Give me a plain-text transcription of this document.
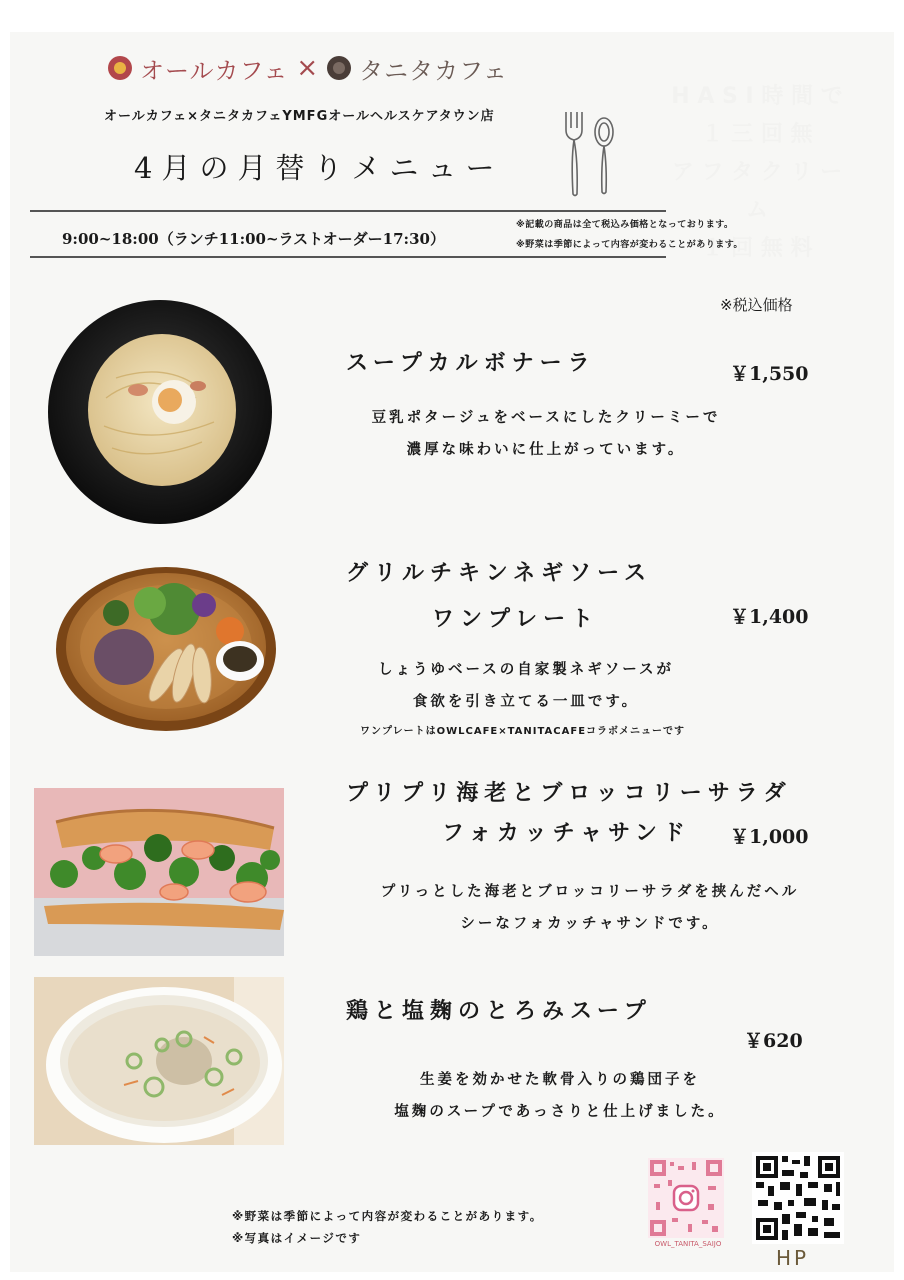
オールカフェ × タニタカフェ
H A S I 時 間 で
１ 三 回 無
ア フ タ ク リ ー ム
１ 回 無 料
オールカフェ×タニタカフェYMFGオールヘルスケアタウン店
4月の月替りメニュー
9:00~18:00（ランチ11:00~ラストオーダー17:30）
※記載の商品は全て税込み価格となっております。
※野菜は季節によって内容が変わることがあります。
※税込価格
スープカルボナーラ	￥1,550
豆乳ポタージュをベースにしたクリーミーで
濃厚な味わいに仕上がっています。
グリルチキンネギソース
ワンプレート	￥1,400
しょうゆベースの自家製ネギソースが
食欲を引き立てる一皿です。
ワンプレートはOWLCAFE×TANITACAFEコラボメニューです
プリプリ海老とブロッコリーサラダ
フォカッチャサンド ￥1,000
プリっとした海老とブロッコリーサラダを挟んだヘル
シーなフォカッチャサンドです。
鶏と塩麹のとろみスープ
￥620
生姜を効かせた軟骨入りの鶏団子を
塩麹のスープであっさりと仕上げました。
※野菜は季節によって内容が変わることがあります。
※写真はイメージです	OWL_TANITA_SAIJO
HP
